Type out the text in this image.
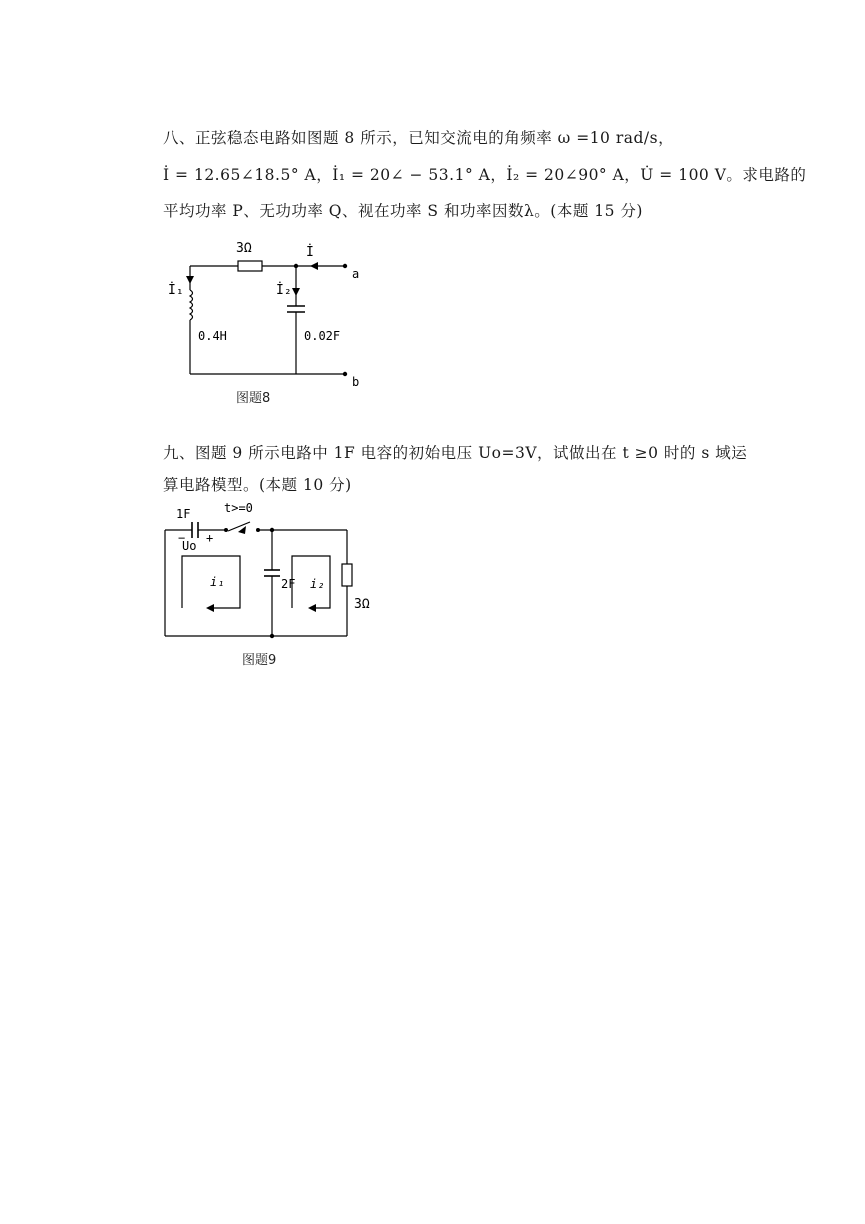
八、正弦稳态电路如图题 8 所示，已知交流电的角频率 ω =10 rad/s，
İ = 12.65∠18.5° A，İ₁ = 20∠ − 53.1° A，İ₂ = 20∠90° A，U̇ = 100 V。求电路的
平均功率 P、无功功率 Q、视在功率 S 和功率因数λ。(本题 15 分)
3Ω	İ
İ₁	İ₂
0.4H	0.02F
a
b
图题8
九、图题 9 所示电路中 1F 电容的初始电压 Uo=3V，试做出在 t ≥0 时的 s 域运
算电路模型。(本题 10 分)
1F	t>=0
− +
Uo
i₁	2F i₂
3Ω
图题9
